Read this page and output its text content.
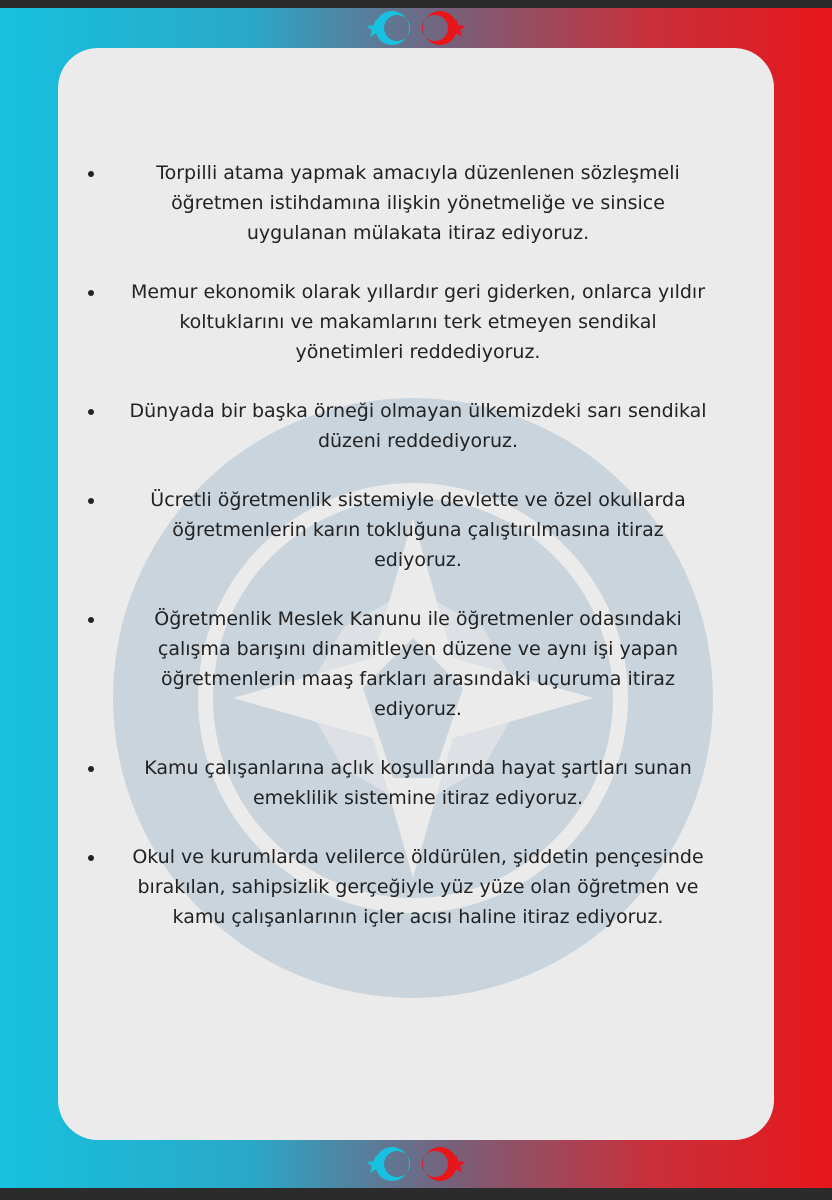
Torpilli atama yapmak amacıyla düzenlenen sözleşmeli öğretmen istihdamına ilişkin yönetmeliğe ve sinsice uygulanan mülakata itiraz ediyoruz.
Memur ekonomik olarak yıllardır geri giderken, onlarca yıldır koltuklarını ve makamlarını terk etmeyen sendikal yönetimleri reddediyoruz.
Dünyada bir başka örneği olmayan ülkemizdeki sarı sendikal düzeni reddediyoruz.
Ücretli öğretmenlik sistemiyle devlette ve özel okullarda öğretmenlerin karın tokluğuna çalıştırılmasına itiraz ediyoruz.
Öğretmenlik Meslek Kanunu ile öğretmenler odasındaki çalışma barışını dinamitleyen düzene ve aynı işi yapan öğretmenlerin maaş farkları arasındaki uçuruma itiraz ediyoruz.
Kamu çalışanlarına açlık koşullarında hayat şartları sunan emeklilik sistemine itiraz ediyoruz.
Okul ve kurumlarda velilerce öldürülen, şiddetin pençesinde bırakılan, sahipsizlik gerçeğiyle yüz yüze olan öğretmen ve kamu çalışanlarının içler acısı haline itiraz ediyoruz.
